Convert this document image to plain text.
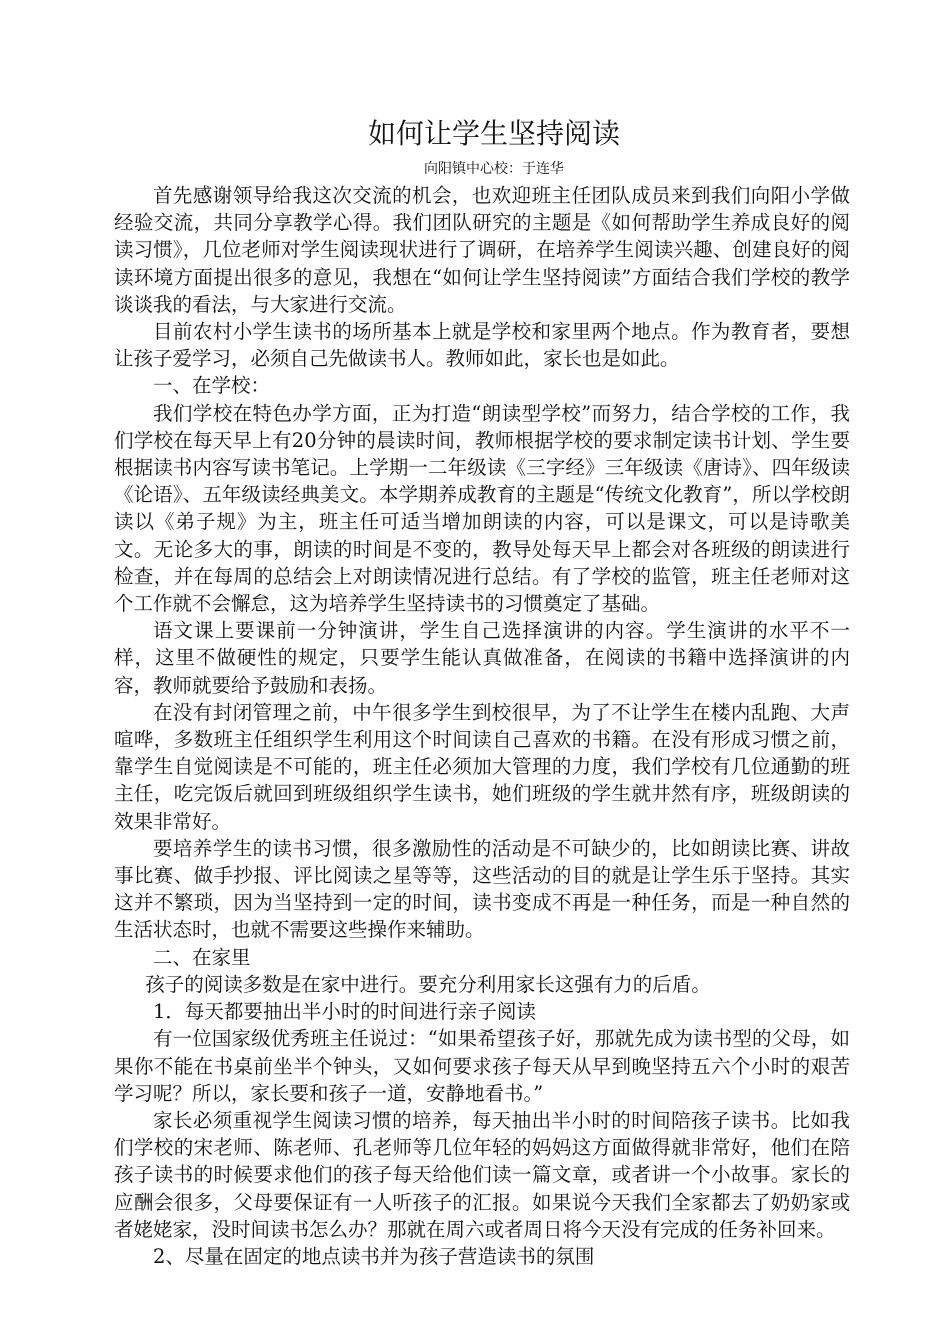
如何让学生坚持阅读
向阳镇中心校：于连华

首先感谢领导给我这次交流的机会，也欢迎班主任团队成员来到我们向阳小学做经验交流，共同分享教学心得。我们团队研究的主题是《如何帮助学生养成良好的阅读习惯》，几位老师对学生阅读现状进行了调研，在培养学生阅读兴趣、创建良好的阅读环境方面提出很多的意见，我想在“如何让学生坚持阅读”方面结合我们学校的教学谈谈我的看法，与大家进行交流。

目前农村小学生读书的场所基本上就是学校和家里两个地点。作为教育者，要想让孩子爱学习，必须自己先做读书人。教师如此，家长也是如此。

一、在学校：

我们学校在特色办学方面，正为打造“朗读型学校”而努力，结合学校的工作，我们学校在每天早上有20分钟的晨读时间，教师根据学校的要求制定读书计划、学生要根据读书内容写读书笔记。上学期一二年级读《三字经》三年级读《唐诗》、四年级读《论语》、五年级读经典美文。本学期养成教育的主题是“传统文化教育”，所以学校朗读以《弟子规》为主，班主任可适当增加朗读的内容，可以是课文，可以是诗歌美文。无论多大的事，朗读的时间是不变的，教导处每天早上都会对各班级的朗读进行检查，并在每周的总结会上对朗读情况进行总结。有了学校的监管，班主任老师对这个工作就不会懈怠，这为培养学生坚持读书的习惯奠定了基础。

语文课上要课前一分钟演讲，学生自己选择演讲的内容。学生演讲的水平不一样，这里不做硬性的规定，只要学生能认真做准备，在阅读的书籍中选择演讲的内容，教师就要给予鼓励和表扬。

在没有封闭管理之前，中午很多学生到校很早，为了不让学生在楼内乱跑、大声喧哗，多数班主任组织学生利用这个时间读自己喜欢的书籍。在没有形成习惯之前，靠学生自觉阅读是不可能的，班主任必须加大管理的力度，我们学校有几位通勤的班主任，吃完饭后就回到班级组织学生读书，她们班级的学生就井然有序，班级朗读的效果非常好。

要培养学生的读书习惯，很多激励性的活动是不可缺少的，比如朗读比赛、讲故事比赛、做手抄报、评比阅读之星等等，这些活动的目的就是让学生乐于坚持。其实这并不繁琐，因为当坚持到一定的时间，读书变成不再是一种任务，而是一种自然的生活状态时，也就不需要这些操作来辅助。

二、在家里

孩子的阅读多数是在家中进行。要充分利用家长这强有力的后盾。

1．每天都要抽出半小时的时间进行亲子阅读

有一位国家级优秀班主任说过：“如果希望孩子好，那就先成为读书型的父母，如果你不能在书桌前坐半个钟头，又如何要求孩子每天从早到晚坚持五六个小时的艰苦学习呢？所以，家长要和孩子一道，安静地看书。”

家长必须重视学生阅读习惯的培养，每天抽出半小时的时间陪孩子读书。比如我们学校的宋老师、陈老师、孔老师等几位年轻的妈妈这方面做得就非常好，他们在陪孩子读书的时候要求他们的孩子每天给他们读一篇文章，或者讲一个小故事。家长的应酬会很多，父母要保证有一人听孩子的汇报。如果说今天我们全家都去了奶奶家或者姥姥家，没时间读书怎么办？那就在周六或者周日将今天没有完成的任务补回来。

2、尽量在固定的地点读书并为孩子营造读书的氛围
